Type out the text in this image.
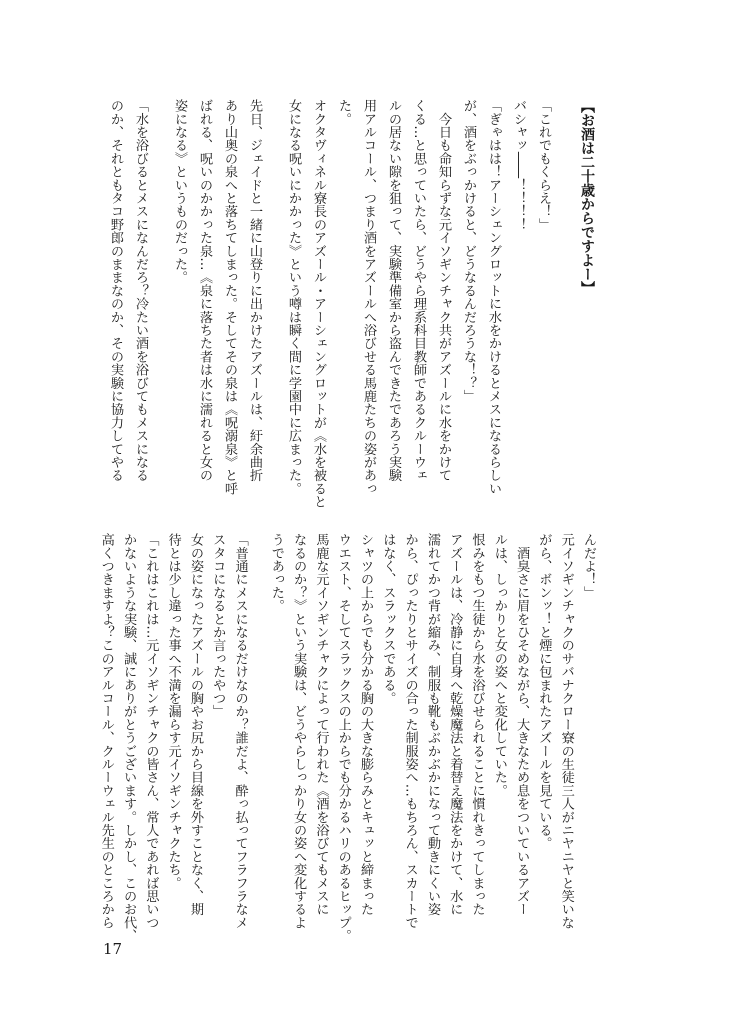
【お酒は二十歳からですよー】

「これでもくらえ！」

バシャッ――！！！！

「ぎゃはは！アーシェングロットに水をかけるとメスになるらしい

が、酒をぶっかけると、どうなるんだろうな！？」

　今日も命知らずな元イソギンチャク共がアズールに水をかけて

くる…と思っていたら、どうやら理系科目教師であるクルーウェ

ルの居ない隙を狙って、実験準備室から盗んできたであろう実験

用アルコール、つまり酒をアズールへ浴びせる馬鹿たちの姿があっ

た。

オクタヴィネル寮長のアズール・アーシェングロットが《水を被ると

女になる呪いにかかった》という噂は瞬く間に学園中に広まった。

先日、ジェイドと一緒に山登りに出かけたアズールは、紆余曲折

あり山奥の泉へと落ちてしまった。そしてその泉は《呪溺泉》と呼

ばれる、呪いのかかった泉…《泉に落ちた者は水に濡れると女の

姿になる》というものだった。

「水を浴びるとメスになんだろ？冷たい酒を浴びてもメスになる

のか、それともタコ野郎のままなのか、その実験に協力してやる

んだよ！」

元イソギンチャクのサバナクロー寮の生徒三人がニヤニヤと笑いな

がら、ボンッ！と煙に包まれたアズールを見ている。

　酒臭さに眉をひそめながら、大きなため息をついているアズー

ルは、しっかりと女の姿へと変化していた。

恨みをもつ生徒から水を浴びせられることに慣れきってしまった

アズールは、冷静に自身へ乾燥魔法と着替え魔法をかけて、水に

濡れてかつ背が縮み、制服も靴もぶかぶかになって動きにくい姿

から、ぴったりとサイズの合った制服姿へ…もちろん、スカートで

はなく、スラックスである。

シャツの上からでも分かる胸の大きな膨らみとキュッと締まった

ウエスト、そしてスラックスの上からでも分かるハリのあるヒップ。

馬鹿な元イソギンチャクによって行われた《酒を浴びてもメスに

なるのか？》という実験は、どうやらしっかり女の姿へ変化するよ

うであった。

「普通にメスになるだけなのか？誰だよ、酔っ払ってフラフラなメ

スタコになるとか言ったやつ」

女の姿になったアズールの胸やお尻から目線を外すことなく、期

待とは少し違った事へ不満を漏らす元イソギンチャクたち。

「これはこれは…元イソギンチャクの皆さん、常人であれば思いつ

かないような実験、誠にありがとうございます。しかし、このお代、

高くつきますよ？このアルコール、クルーウェル先生のところから

17
